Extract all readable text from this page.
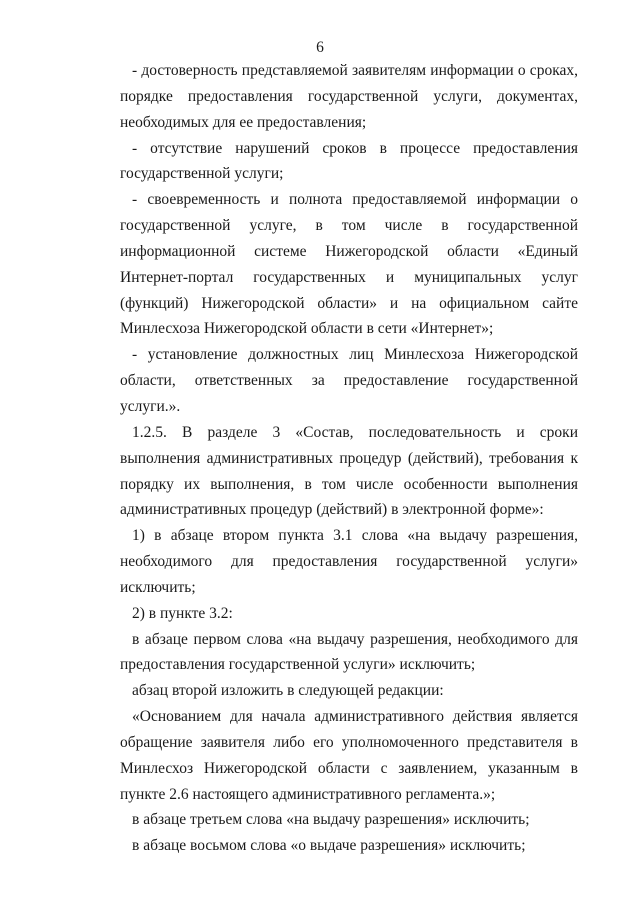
6

- достоверность представляемой заявителям информации о сроках, порядке предоставления государственной услуги, документах, необходимых для ее предоставления;

- отсутствие нарушений сроков в процессе предоставления государственной услуги;

- своевременность и полнота предоставляемой информации о государственной услуге, в том числе в государственной информационной системе Нижегородской области «Единый Интернет-портал государственных и муниципальных услуг (функций) Нижегородской области» и на официальном сайте Минлесхоза Нижегородской области в сети «Интернет»;

- установление должностных лиц Минлесхоза Нижегородской области, ответственных за предоставление государственной услуги.».

1.2.5. В разделе 3 «Состав, последовательность и сроки выполнения административных процедур (действий), требования к порядку их выполнения, в том числе особенности выполнения административных процедур (действий) в электронной форме»:

1) в абзаце втором пункта 3.1 слова «на выдачу разрешения, необходимого для предоставления государственной услуги» исключить;

2) в пункте 3.2:

в абзаце первом слова «на выдачу разрешения, необходимого для предоставления государственной услуги» исключить;

абзац второй изложить в следующей редакции:

«Основанием для начала административного действия является обращение заявителя либо его уполномоченного представителя в Минлесхоз Нижегородской области с заявлением, указанным в пункте 2.6 настоящего административного регламента.»;

в абзаце третьем слова «на выдачу разрешения» исключить;

в абзаце восьмом слова «о выдаче разрешения» исключить;
